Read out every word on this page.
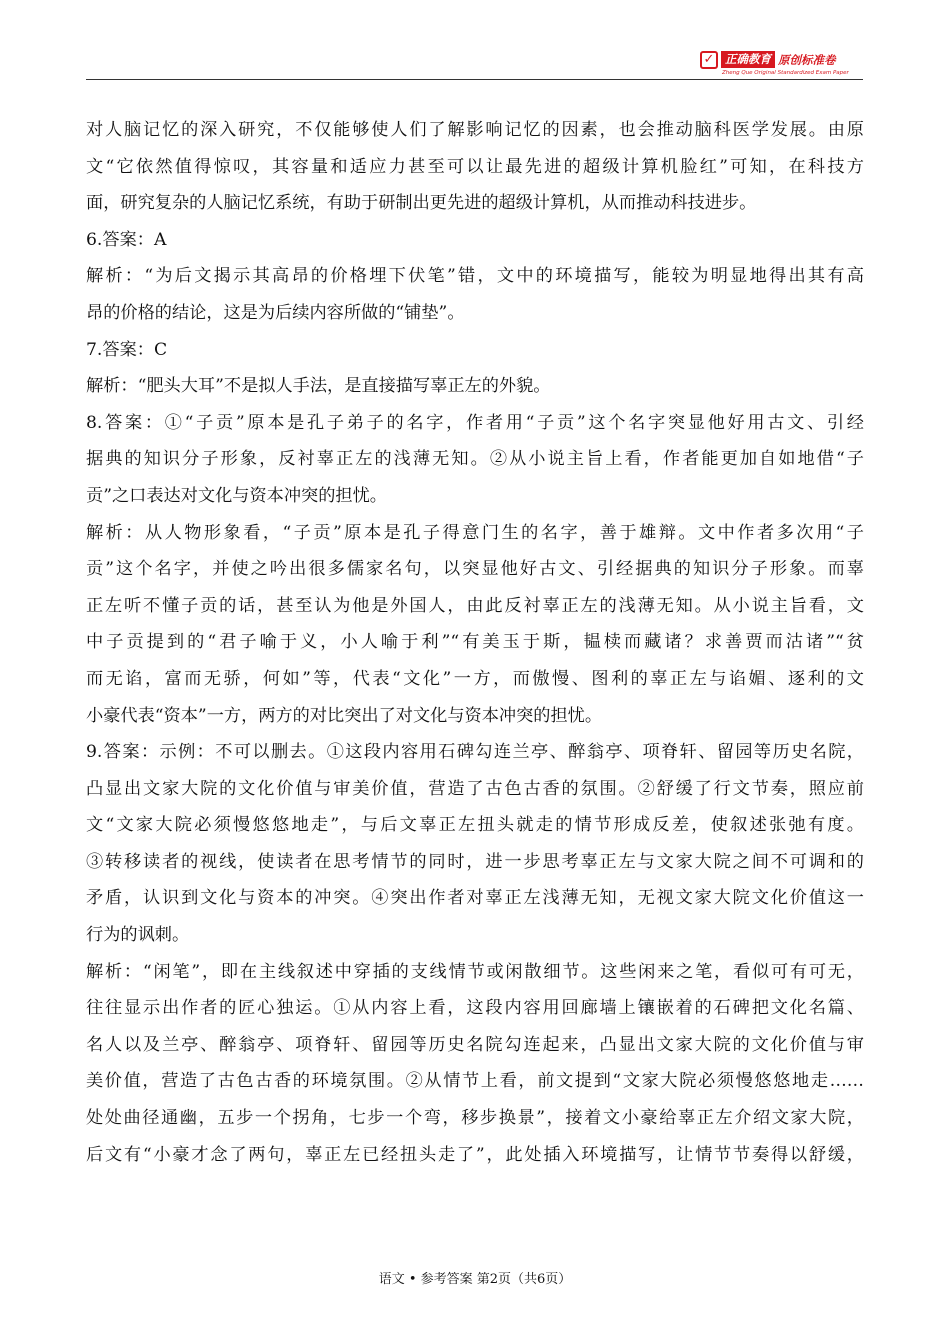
✓ 正确教育 原创标准卷
Zheng Que Original Standardized Exam Paper
对人脑记忆的深入研究，不仅能够使人们了解影响记忆的因素，也会推动脑科医学发展。由原
文“它依然值得惊叹，其容量和适应力甚至可以让最先进的超级计算机脸红”可知，在科技方
面，研究复杂的人脑记忆系统，有助于研制出更先进的超级计算机，从而推动科技进步。
6.答案：A
解析：“为后文揭示其高昂的价格埋下伏笔”错，文中的环境描写，能较为明显地得出其有高
昂的价格的结论，这是为后续内容所做的“铺垫”。
7.答案：C
解析：“肥头大耳”不是拟人手法，是直接描写辜正左的外貌。
8.答案：①“子贡”原本是孔子弟子的名字，作者用“子贡”这个名字突显他好用古文、引经
据典的知识分子形象，反衬辜正左的浅薄无知。②从小说主旨上看，作者能更加自如地借“子
贡”之口表达对文化与资本冲突的担忧。
解析：从人物形象看，“子贡”原本是孔子得意门生的名字，善于雄辩。文中作者多次用“子
贡”这个名字，并使之吟出很多儒家名句，以突显他好古文、引经据典的知识分子形象。而辜
正左听不懂子贡的话，甚至认为他是外国人，由此反衬辜正左的浅薄无知。从小说主旨看，文
中子贡提到的“君子喻于义，小人喻于利”“有美玉于斯，韫椟而藏诸？求善贾而沽诸”“贫
而无谄，富而无骄，何如”等，代表“文化”一方，而傲慢、图利的辜正左与谄媚、逐利的文
小豪代表“资本”一方，两方的对比突出了对文化与资本冲突的担忧。
9.答案：示例：不可以删去。①这段内容用石碑勾连兰亭、醉翁亭、项脊轩、留园等历史名院，
凸显出文家大院的文化价值与审美价值，营造了古色古香的氛围。②舒缓了行文节奏，照应前
文“文家大院必须慢悠悠地走”，与后文辜正左扭头就走的情节形成反差，使叙述张弛有度。
③转移读者的视线，使读者在思考情节的同时，进一步思考辜正左与文家大院之间不可调和的
矛盾，认识到文化与资本的冲突。④突出作者对辜正左浅薄无知，无视文家大院文化价值这一
行为的讽刺。
解析：“闲笔”，即在主线叙述中穿插的支线情节或闲散细节。这些闲来之笔，看似可有可无，
往往显示出作者的匠心独运。①从内容上看，这段内容用回廊墙上镶嵌着的石碑把文化名篇、
名人以及兰亭、醉翁亭、项脊轩、留园等历史名院勾连起来，凸显出文家大院的文化价值与审
美价值，营造了古色古香的环境氛围。②从情节上看，前文提到“文家大院必须慢悠悠地走……
处处曲径通幽，五步一个拐角，七步一个弯，移步换景”，接着文小豪给辜正左介绍文家大院，
后文有“小豪才念了两句，辜正左已经扭头走了”，此处插入环境描写，让情节节奏得以舒缓，
语文 • 参考答案 第2页（共6页）
